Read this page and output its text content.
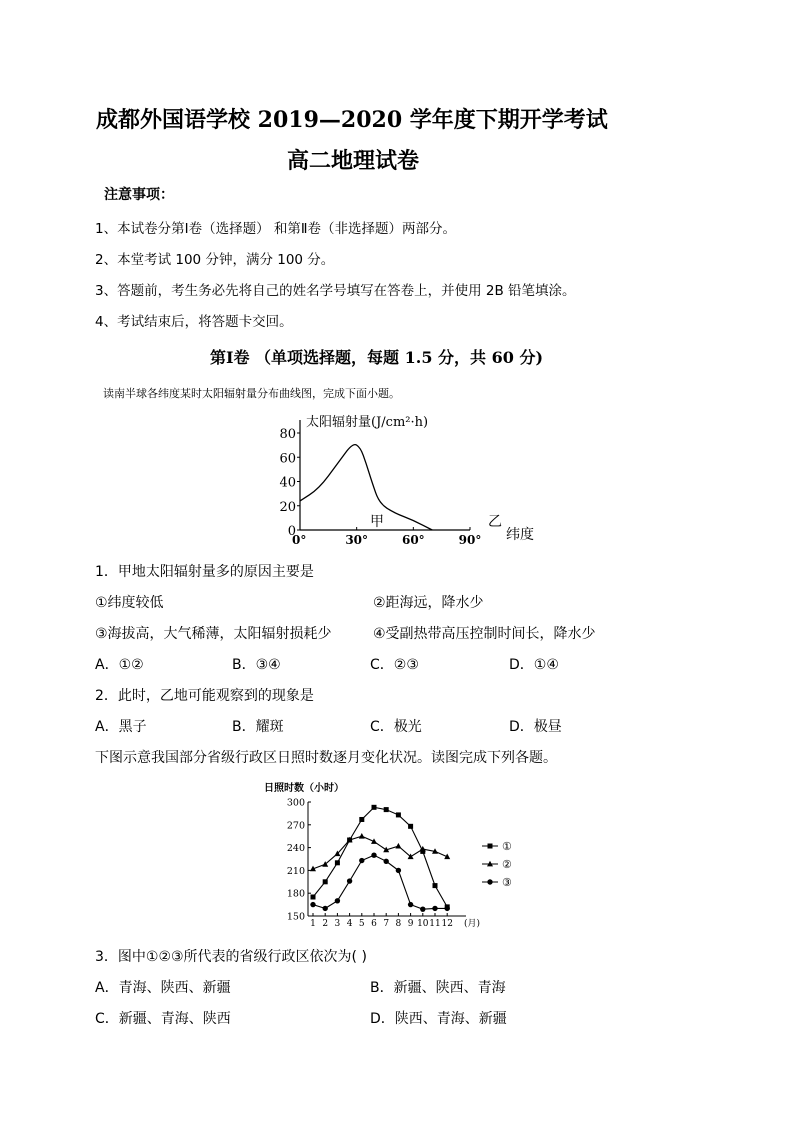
成都外国语学校 2019—2020 学年度下期开学考试
高二地理试卷
注意事项：
1、本试卷分第Ⅰ卷（选择题） 和第Ⅱ卷（非选择题）两部分。
2、本堂考试 100 分钟，满分 100 分。
3、答题前，考生务必先将自己的姓名学号填写在答卷上，并使用 2B 铅笔填涂。
4、考试结束后，将答题卡交回。
第Ⅰ卷 （单项选择题，每题 1.5 分，共 60 分)
读南半球各纬度某时太阳辐射量分布曲线图，完成下面小题。
太阳辐射量(J/cm²·h)
80
60
40
20
0
0°	30°	60°	90°
甲	乙
纬度
1．甲地太阳辐射量多的原因主要是
①纬度较低	②距海远，降水少
③海拔高，大气稀薄，太阳辐射损耗少	④受副热带高压控制时间长，降水少
A．①②	B．③④	C．②③	D．①④
2．此时，乙地可能观察到的现象是
A．黑子	B．耀斑	C．极光	D．极昼
下图示意我国部分省级行政区日照时数逐月变化状况。读图完成下列各题。
日照时数（小时）
300
270
240
210
180
150
1 2 3 4 5 6 7 8 9 10 11 12 (月)
①
②
③
3．图中①②③所代表的省级行政区依次为( )
A．青海、陕西、新疆	B．新疆、陕西、青海
C．新疆、青海、陕西	D．陕西、青海、新疆
